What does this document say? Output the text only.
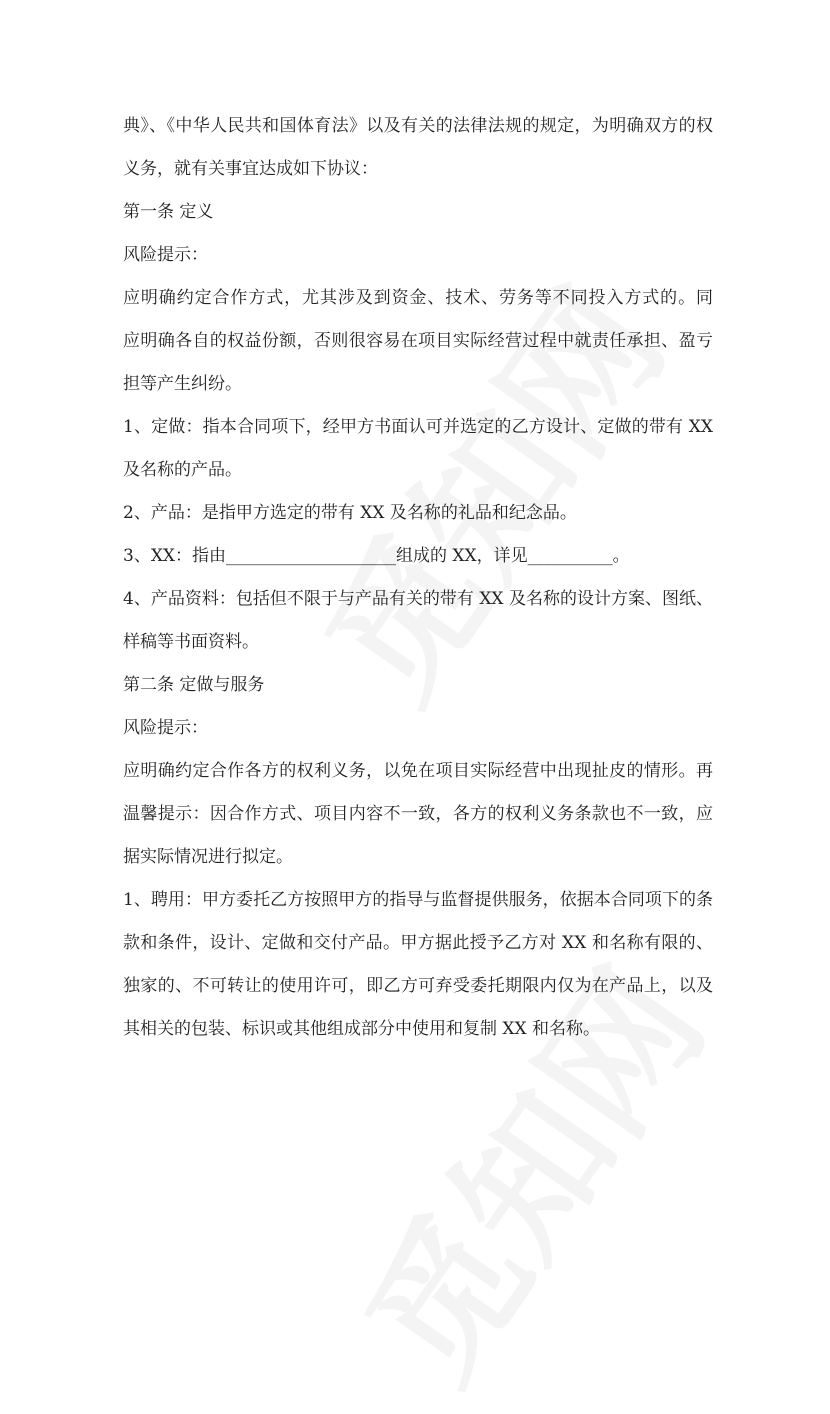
典》、《中华人民共和国体育法》以及有关的法律法规的规定，为明确双方的权
义务，就有关事宜达成如下协议：
第一条 定义
风险提示：
应明确约定合作方式，尤其涉及到资金、技术、劳务等不同投入方式的。同
应明确各自的权益份额，否则很容易在项目实际经营过程中就责任承担、盈亏
担等产生纠纷。
1、定做：指本合同项下，经甲方书面认可并选定的乙方设计、定做的带有 XX
及名称的产品。
2、产品：是指甲方选定的带有 XX 及名称的礼品和纪念品。
3、XX：指由____________________组成的 XX，详见__________。
4、产品资料：包括但不限于与产品有关的带有 XX 及名称的设计方案、图纸、
样稿等书面资料。
第二条 定做与服务
风险提示：
应明确约定合作各方的权利义务，以免在项目实际经营中出现扯皮的情形。再
温馨提示：因合作方式、项目内容不一致，各方的权利义务条款也不一致，应
据实际情况进行拟定。
1、聘用：甲方委托乙方按照甲方的指导与监督提供服务，依据本合同项下的条
款和条件，设计、定做和交付产品。甲方据此授予乙方对 XX 和名称有限的、
独家的、不可转让的使用许可，即乙方可弃受委托期限内仅为在产品上，以及
其相关的包装、标识或其他组成部分中使用和复制 XX 和名称。
